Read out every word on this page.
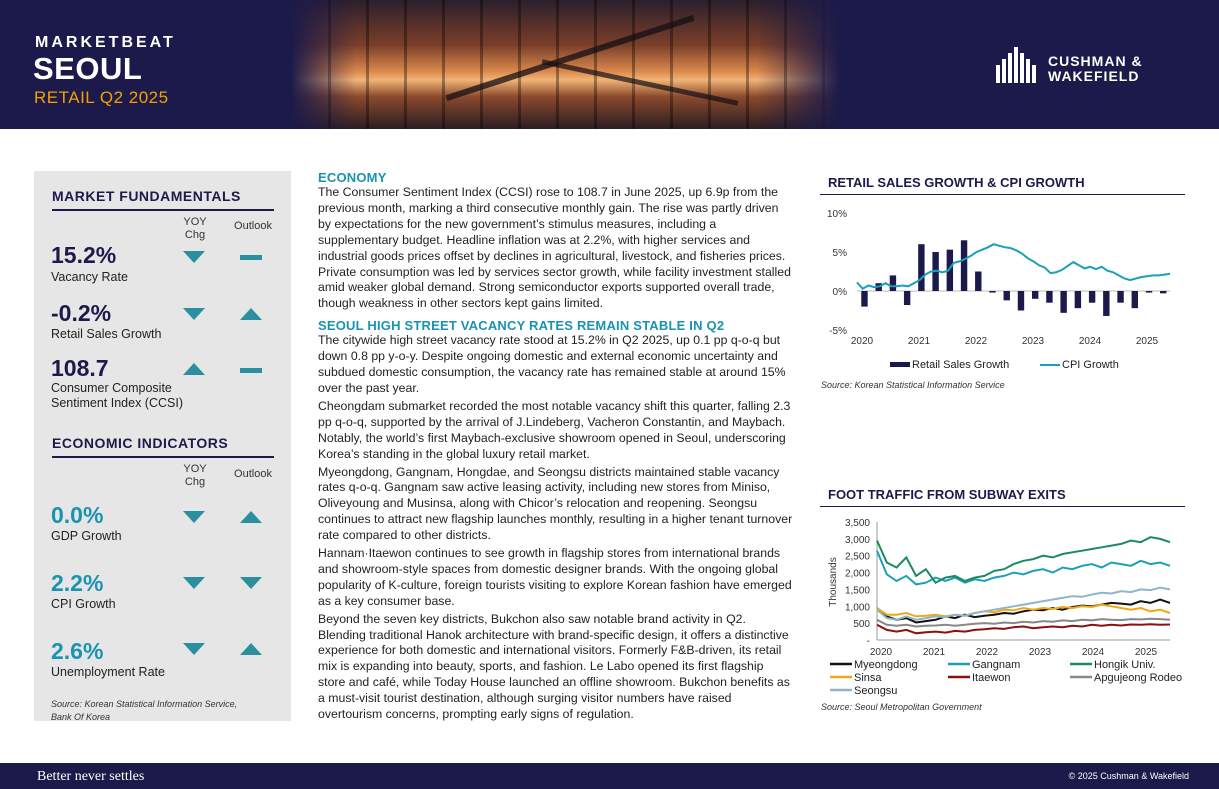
MARKETBEAT
SEOUL
RETAIL Q2 2025
CUSHMAN &
WAKEFIELD
MARKET FUNDAMENTALS
YOY
Chg
Outlook
15.2%
Vacancy Rate
-0.2%
Retail Sales Growth
108.7
Consumer Composite
Sentiment Index (CCSI)
ECONOMIC INDICATORS
YOY
Chg
Outlook
0.0%
GDP Growth
2.2%
CPI Growth
2.6%
Unemployment Rate
Source: Korean Statistical Information Service,
Bank Of Korea
ECONOMY
The Consumer Sentiment Index (CCSI) rose to 108.7 in June 2025, up 6.9p from the previous month, marking a third consecutive monthly gain. The rise was partly driven by expectations for the new government’s stimulus measures, including a supplementary budget. Headline inflation was at 2.2%, with higher services and industrial goods prices offset by declines in agricultural, livestock, and fisheries prices. Private consumption was led by services sector growth, while facility investment stalled amid weaker global demand. Strong semiconductor exports supported overall trade, though weakness in other sectors kept gains limited.
SEOUL HIGH STREET VACANCY RATES REMAIN STABLE IN Q2
The citywide high street vacancy rate stood at 15.2% in Q2 2025, up 0.1 pp q-o-q but down 0.8 pp y-o-y. Despite ongoing domestic and external economic uncertainty and subdued domestic consumption, the vacancy rate has remained stable at around 15% over the past year.
Cheongdam submarket recorded the most notable vacancy shift this quarter, falling 2.3 pp q-o-q, supported by the arrival of J.Lindeberg, Vacheron Constantin, and Maybach. Notably, the world’s first Maybach-exclusive showroom opened in Seoul, underscoring Korea’s standing in the global luxury retail market.
Myeongdong, Gangnam, Hongdae, and Seongsu districts maintained stable vacancy rates q-o-q. Gangnam saw active leasing activity, including new stores from Miniso, Oliveyoung and Musinsa, along with Chicor’s relocation and reopening. Seongsu continues to attract new flagship launches monthly, resulting in a higher tenant turnover rate compared to other districts.
Hannam·Itaewon continues to see growth in flagship stores from international brands and showroom-style spaces from domestic designer brands. With the ongoing global popularity of K-culture, foreign tourists visiting to explore Korean fashion have emerged as a key consumer base.
Beyond the seven key districts, Bukchon also saw notable brand activity in Q2. Blending traditional Hanok architecture with brand-specific design, it offers a distinctive experience for both domestic and international visitors. Formerly F&B-driven, its retail mix is expanding into beauty, sports, and fashion. Le Labo opened its first flagship store and café, while Today House launched an offline showroom. Bukchon benefits as a must-visit tourist destination, although surging visitor numbers have raised overtourism concerns, prompting early signs of regulation.
RETAIL SALES GROWTH & CPI GROWTH
10%
5%
0%
-5%
2020	2021	2022	2023	2024	2025
Retail Sales Growth	CPI Growth
Source: Korean Statistical Information Service
FOOT TRAFFIC FROM SUBWAY EXITS
3,500
3,000
2,500
2,000
1,500
1,000
500
-
Thousands
2020	2021	2022	2023	2024	2025
Myeongdong	Gangnam	Hongik Univ.
Sinsa	Itaewon	Apgujeong Rodeo
Seongsu
Source: Seoul Metropolitan Government
Better never settles	© 2025 Cushman & Wakefield
